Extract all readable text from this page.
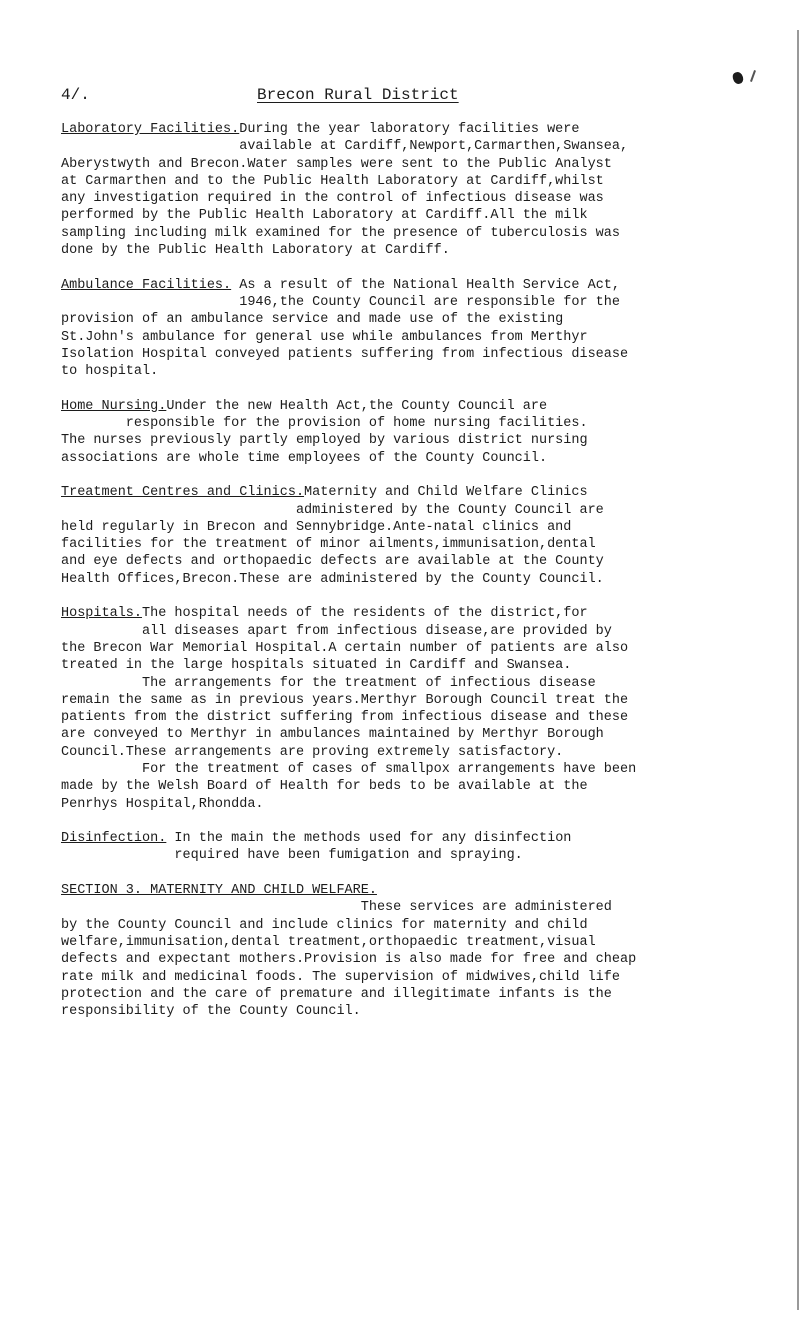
4/.	Brecon Rural District
Laboratory Facilities.During the year laboratory facilities were
available at Cardiff,Newport,Carmarthen,Swansea,
Aberystwyth and Brecon.Water samples were sent to the Public Analyst
at Carmarthen and to the Public Health Laboratory at Cardiff,whilst
any investigation required in the control of infectious disease was
performed by the Public Health Laboratory at Cardiff.All the milk
sampling including milk examined for the presence of tuberculosis was
done by the Public Health Laboratory at Cardiff.
Ambulance Facilities. As a result of the National Health Service Act,
1946,the County Council are responsible for the
provision of an ambulance service and made use of the existing
St.John's ambulance for general use while ambulances from Merthyr
Isolation Hospital conveyed patients suffering from infectious disease
to hospital.
Home Nursing.Under the new Health Act,the County Council are
responsible for the provision of home nursing facilities.
The nurses previously partly employed by various district nursing
associations are whole time employees of the County Council.
Treatment Centres and Clinics.Maternity and Child Welfare Clinics
administered by the County Council are
held regularly in Brecon and Sennybridge.Ante-natal clinics and
facilities for the treatment of minor ailments,immunisation,dental
and eye defects and orthopaedic defects are available at the County
Health Offices,Brecon.These are administered by the County Council.
Hospitals.The hospital needs of the residents of the district,for
all diseases apart from infectious disease,are provided by
the Brecon War Memorial Hospital.A certain number of patients are also
treated in the large hospitals situated in Cardiff and Swansea.
The arrangements for the treatment of infectious disease
remain the same as in previous years.Merthyr Borough Council treat the
patients from the district suffering from infectious disease and these
are conveyed to Merthyr in ambulances maintained by Merthyr Borough
Council.These arrangements are proving extremely satisfactory.
For the treatment of cases of smallpox arrangements have been
made by the Welsh Board of Health for beds to be available at the
Penrhys Hospital,Rhondda.
Disinfection. In the main the methods used for any disinfection
required have been fumigation and spraying.
SECTION 3. MATERNITY AND CHILD WELFARE.
These services are administered
by the County Council and include clinics for maternity and child
welfare,immunisation,dental treatment,orthopaedic treatment,visual
defects and expectant mothers.Provision is also made for free and cheap
rate milk and medicinal foods. The supervision of midwives,child life
protection and the care of premature and illegitimate infants is the
responsibility of the County Council.
